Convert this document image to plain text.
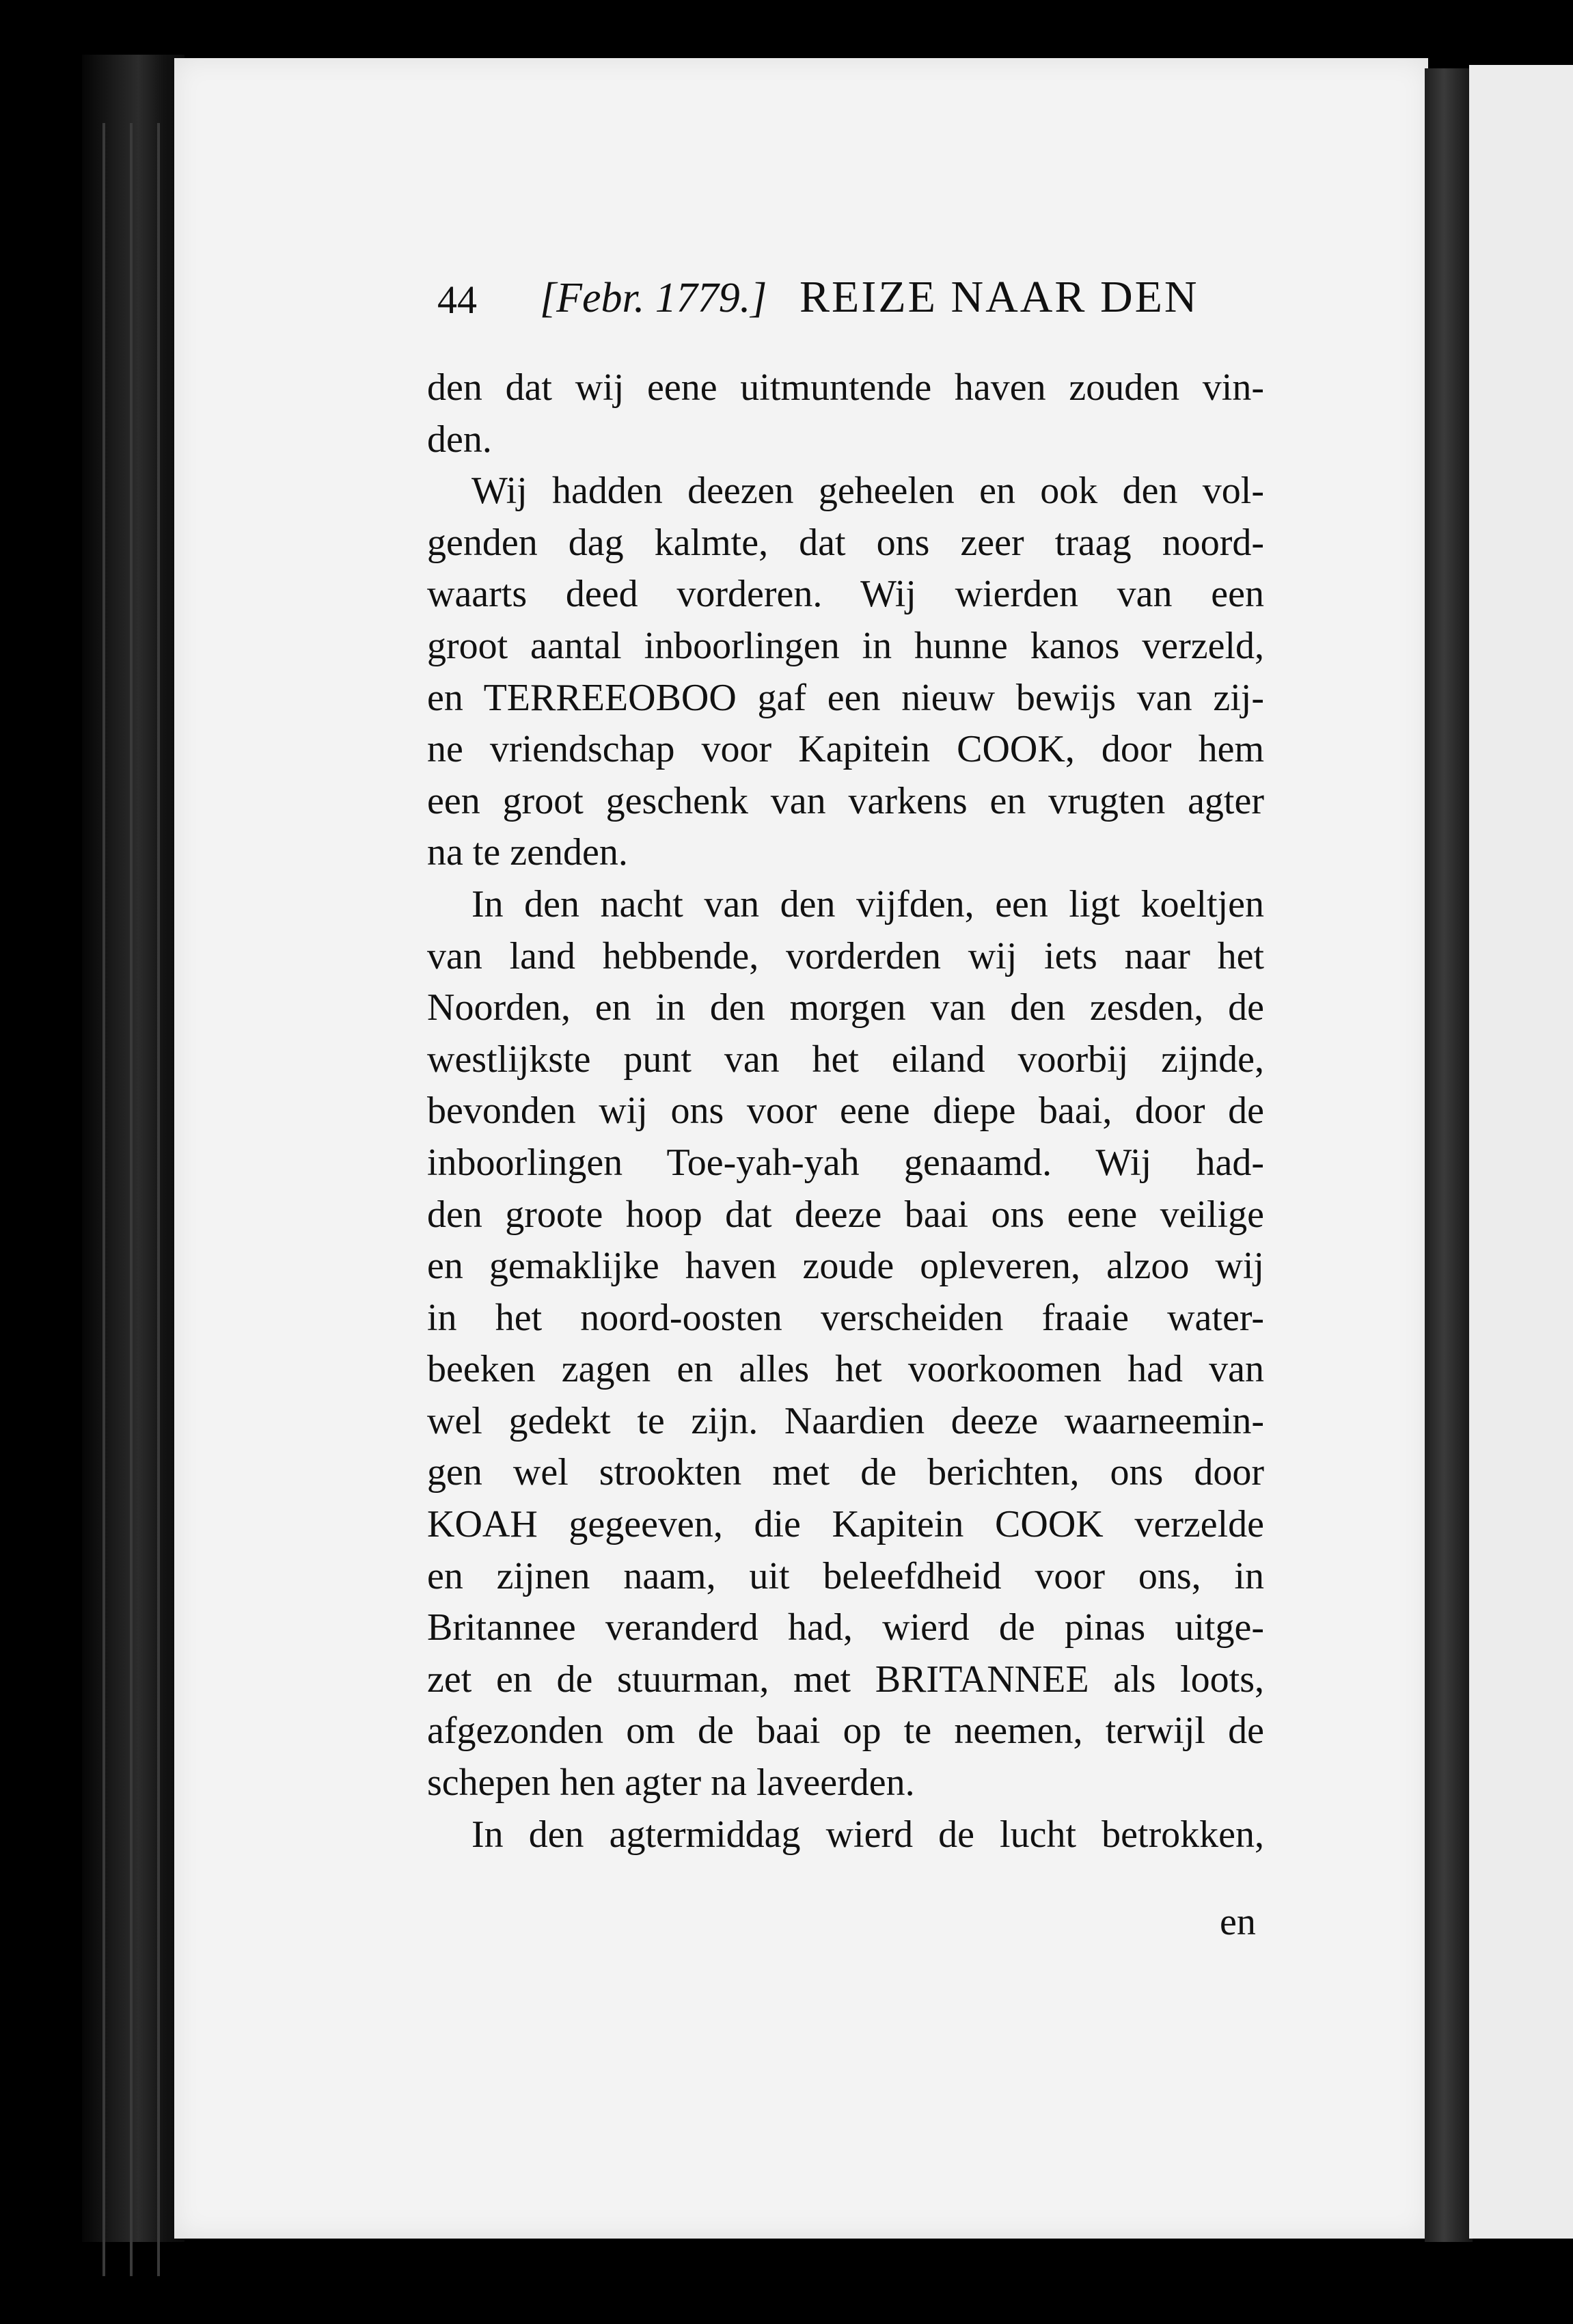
44 [Febr. 1779.] REIZE NAAR DEN
den dat wij eene uitmuntende haven zouden vin-
den.
Wij hadden deezen geheelen en ook den vol-
genden dag kalmte, dat ons zeer traag noord-
waarts deed vorderen. Wij wierden van een
groot aantal inboorlingen in hunne kanos verzeld,
en TERREEOBOO gaf een nieuw bewijs van zij-
ne vriendschap voor Kapitein COOK, door hem
een groot geschenk van varkens en vrugten agter
na te zenden.
In den nacht van den vijfden, een ligt koeltjen
van land hebbende, vorderden wij iets naar het
Noorden, en in den morgen van den zesden, de
westlijkste punt van het eiland voorbij zijnde,
bevonden wij ons voor eene diepe baai, door de
inboorlingen Toe-yah-yah genaamd. Wij had-
den groote hoop dat deeze baai ons eene veilige
en gemaklijke haven zoude opleveren, alzoo wij
in het noord-oosten verscheiden fraaie water-
beeken zagen en alles het voorkoomen had van
wel gedekt te zijn. Naardien deeze waarneemin-
gen wel strookten met de berichten, ons door
KOAH gegeeven, die Kapitein COOK verzelde
en zijnen naam, uit beleefdheid voor ons, in
Britannee veranderd had, wierd de pinas uitge-
zet en de stuurman, met BRITANNEE als loots,
afgezonden om de baai op te neemen, terwijl de
schepen hen agter na laveerden.
In den agtermiddag wierd de lucht betrokken,
en
